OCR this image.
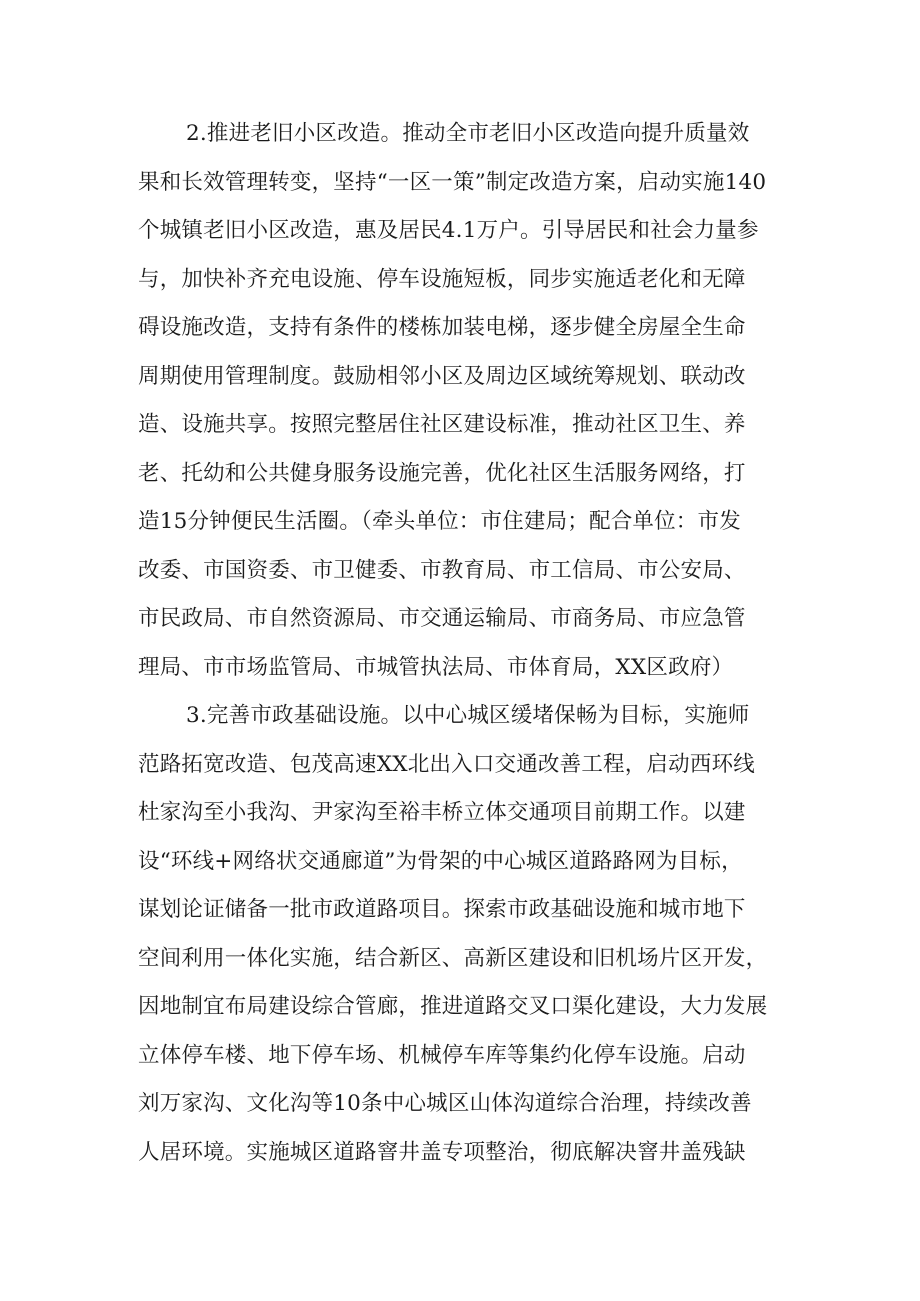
2.推进老旧小区改造。推动全市老旧小区改造向提升质量效
果和长效管理转变，坚持“一区一策”制定改造方案，启动实施140
个城镇老旧小区改造，惠及居民4.1万户。引导居民和社会力量参
与，加快补齐充电设施、停车设施短板，同步实施适老化和无障
碍设施改造，支持有条件的楼栋加装电梯，逐步健全房屋全生命
周期使用管理制度。鼓励相邻小区及周边区域统筹规划、联动改
造、设施共享。按照完整居住社区建设标准，推动社区卫生、养
老、托幼和公共健身服务设施完善，优化社区生活服务网络，打
造15分钟便民生活圈。（牵头单位：市住建局；配合单位：市发
改委、市国资委、市卫健委、市教育局、市工信局、市公安局、
市民政局、市自然资源局、市交通运输局、市商务局、市应急管
理局、市市场监管局、市城管执法局、市体育局，XX区政府）
3.完善市政基础设施。以中心城区缓堵保畅为目标，实施师
范路拓宽改造、包茂高速XX北出入口交通改善工程，启动西环线
杜家沟至小我沟、尹家沟至裕丰桥立体交通项目前期工作。以建
设“环线+网络状交通廊道”为骨架的中心城区道路路网为目标，
谋划论证储备一批市政道路项目。探索市政基础设施和城市地下
空间利用一体化实施，结合新区、高新区建设和旧机场片区开发，
因地制宜布局建设综合管廊，推进道路交叉口渠化建设，大力发展
立体停车楼、地下停车场、机械停车库等集约化停车设施。启动
刘万家沟、文化沟等10条中心城区山体沟道综合治理，持续改善
人居环境。实施城区道路窨井盖专项整治，彻底解决窨井盖残缺
